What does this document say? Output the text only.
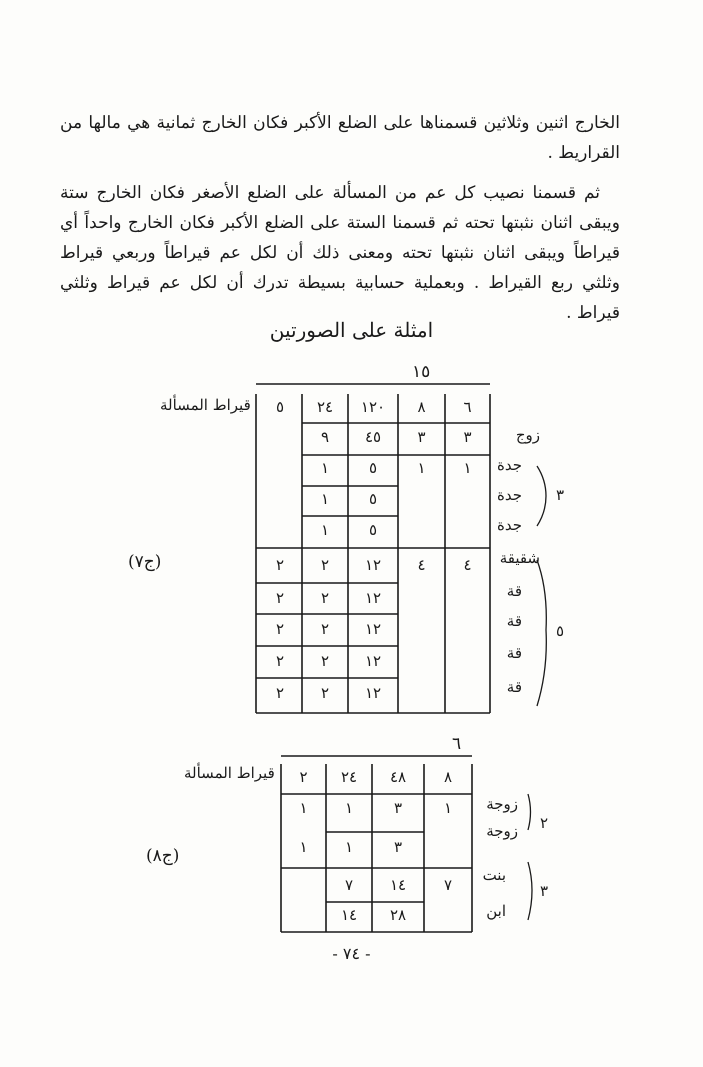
الخارج اثنين وثلاثين قسمناها على الضلع الأكبر فكان الخارج ثمانية هي مالها من القراريط .
ثم قسمنا نصيب كل عم من المسألة على الضلع الأصغر فكان الخارج ستة ويبقى اثنان نثبتها تحته ثم قسمنا الستة على الضلع الأكبر فكان الخارج واحداً أي قيراطاً ويبقى اثنان نثبتها تحته ومعنى ذلك أن لكل عم قيراطاً وربعي قيراط وثلثي ربع القيراط . وبعملية حسابية بسيطة تدرك أن لكل عم قيراط وثلثي قيراط .
امثلة على الصورتين
١٥
قيراط المسألة
(ج٧)
٦
٨
١٢٠
٢٤
٥
زوج
جدة
جدة
جدة
شقيقة
قة
قة
قة
قة
٣
٥
٣
٣
٤٥
٩
١
١
٥
١
٥
١
٥
١
٤
٤
١٢
٢
٢
١٢
٢
٢
١٢
٢
٢
١٢
٢
٢
١٢
٢
٢
٦
قيراط المسألة
(ج٨)
٨
٤٨
٢٤
٢
زوجة
زوجة
بنت
ابن
٢
٣
١
٣
١
١
٣
١
١
٧
١٤
٧
٢٨
١٤
- ٧٤ -
